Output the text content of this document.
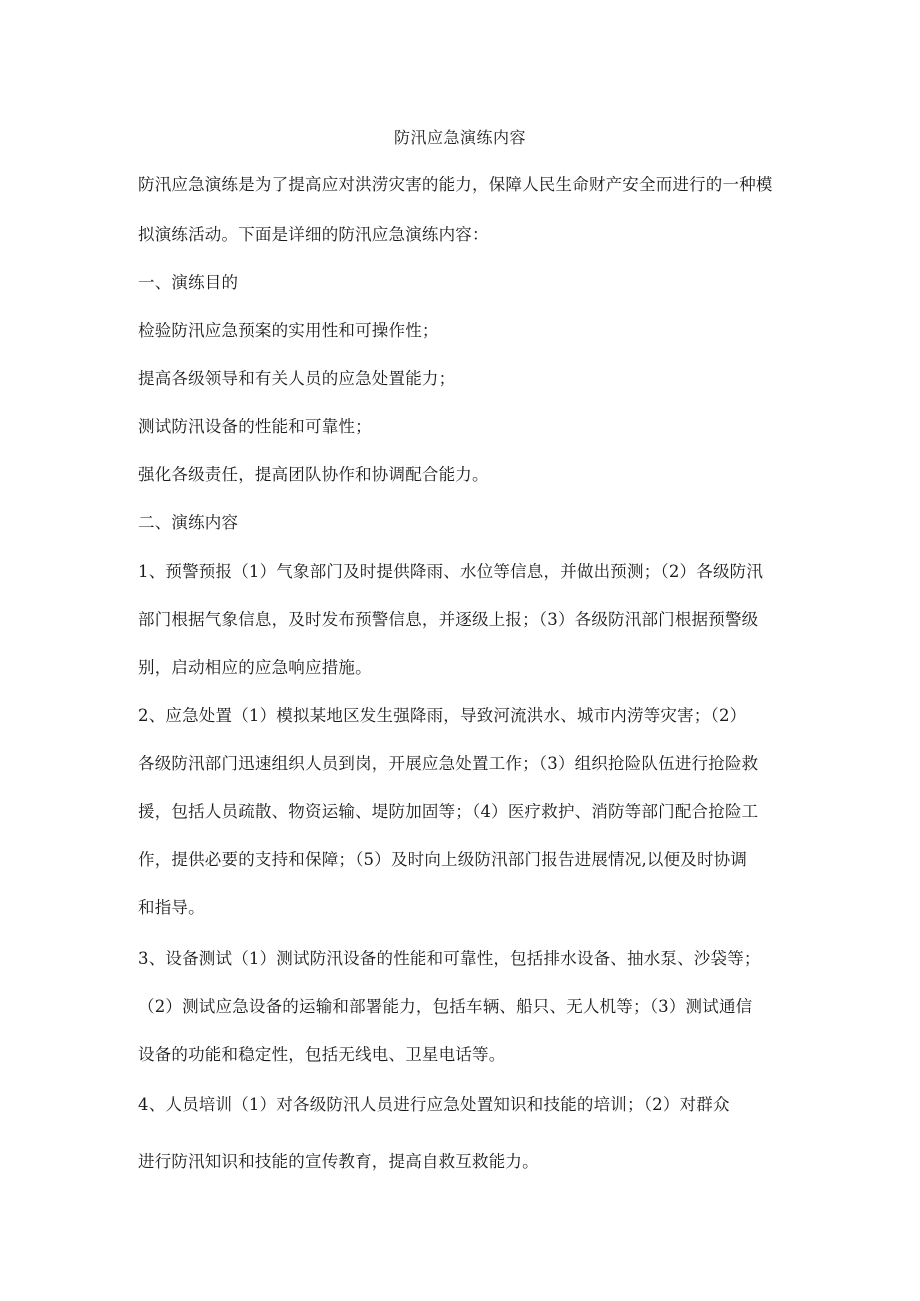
防汛应急演练内容
防汛应急演练是为了提高应对洪涝灾害的能力，保障人民生命财产安全而进行的一种模
拟演练活动。下面是详细的防汛应急演练内容：
一、演练目的
检验防汛应急预案的实用性和可操作性；
提高各级领导和有关人员的应急处置能力；
测试防汛设备的性能和可靠性；
强化各级责任，提高团队协作和协调配合能力。
二、演练内容
1、预警预报（1）气象部门及时提供降雨、水位等信息，并做出预测；（2）各级防汛
部门根据气象信息，及时发布预警信息，并逐级上报；（3）各级防汛部门根据预警级
别，启动相应的应急响应措施。
2、应急处置（1）模拟某地区发生强降雨，导致河流洪水、城市内涝等灾害；（2）
各级防汛部门迅速组织人员到岗，开展应急处置工作；（3）组织抢险队伍进行抢险救
援，包括人员疏散、物资运输、堤防加固等；（4）医疗救护、消防等部门配合抢险工
作，提供必要的支持和保障；（5）及时向上级防汛部门报告进展情况,以便及时协调
和指导。
3、设备测试（1）测试防汛设备的性能和可靠性，包括排水设备、抽水泵、沙袋等；
（2）测试应急设备的运输和部署能力，包括车辆、船只、无人机等；（3）测试通信
设备的功能和稳定性，包括无线电、卫星电话等。
4、人员培训（1）对各级防汛人员进行应急处置知识和技能的培训；（2）对群众
进行防汛知识和技能的宣传教育，提高自救互救能力。
